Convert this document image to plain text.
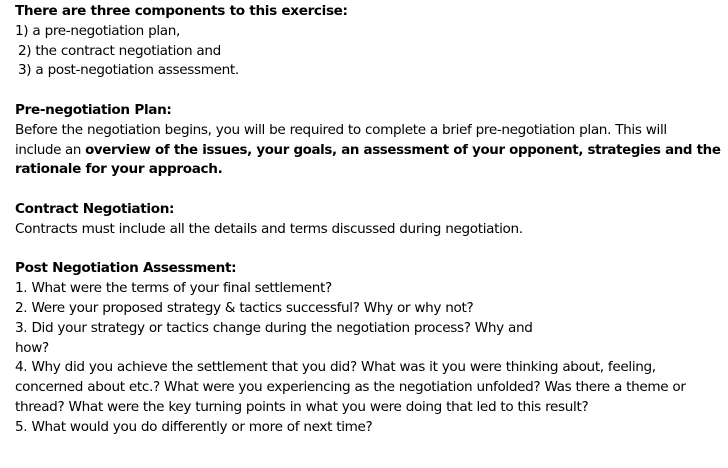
There are three components to this exercise:
1) a pre-negotiation plan,
2) the contract negotiation and
3) a post-negotiation assessment.
Pre-negotiation Plan:
Before the negotiation begins, you will be required to complete a brief pre-negotiation plan. This will
include an overview of the issues, your goals, an assessment of your opponent, strategies and the
rationale for your approach.
Contract Negotiation:
Contracts must include all the details and terms discussed during negotiation.
Post Negotiation Assessment:
1. What were the terms of your final settlement?
2. Were your proposed strategy & tactics successful? Why or why not?
3. Did your strategy or tactics change during the negotiation process? Why and
how?
4. Why did you achieve the settlement that you did? What was it you were thinking about, feeling,
concerned about etc.? What were you experiencing as the negotiation unfolded? Was there a theme or
thread? What were the key turning points in what you were doing that led to this result?
5. What would you do differently or more of next time?
